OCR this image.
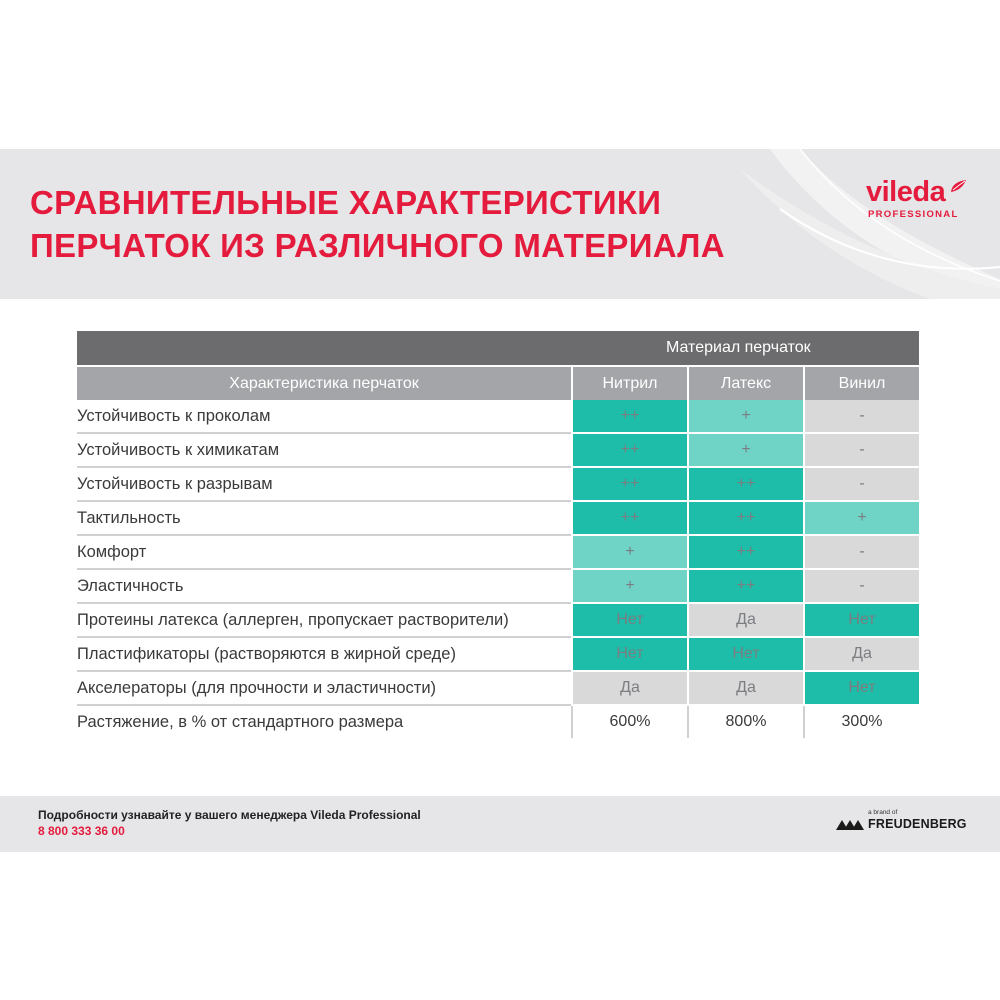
СРАВНИТЕЛЬНЫЕ ХАРАКТЕРИСТИКИ
ПЕРЧАТОК ИЗ РАЗЛИЧНОГО МАТЕРИАЛА
vileda
PROFESSIONAL
	Материал перчаток		
Характеристика перчаток	Нитрил	Латекс	Винил
Устойчивость к проколам	++	+	-
Устойчивость к химикатам	++	+	-
Устойчивость к разрывам	++	++	-
Тактильность	++	++	+
Комфорт	+	++	-
Эластичность	+	++	-
Протеины латекса (аллерген, пропускает растворители)	Нет	Да	Нет
Пластификаторы (растворяются в жирной среде)	Нет	Нет	Да
Акселераторы (для прочности и эластичности)	Да	Да	Нет
Растяжение, в % от стандартного размера	600%	800%	300%
Подробности узнавайте у вашего менеджера Vileda Professional
8 800 333 36 00
a brand of
FREUDENBERG
